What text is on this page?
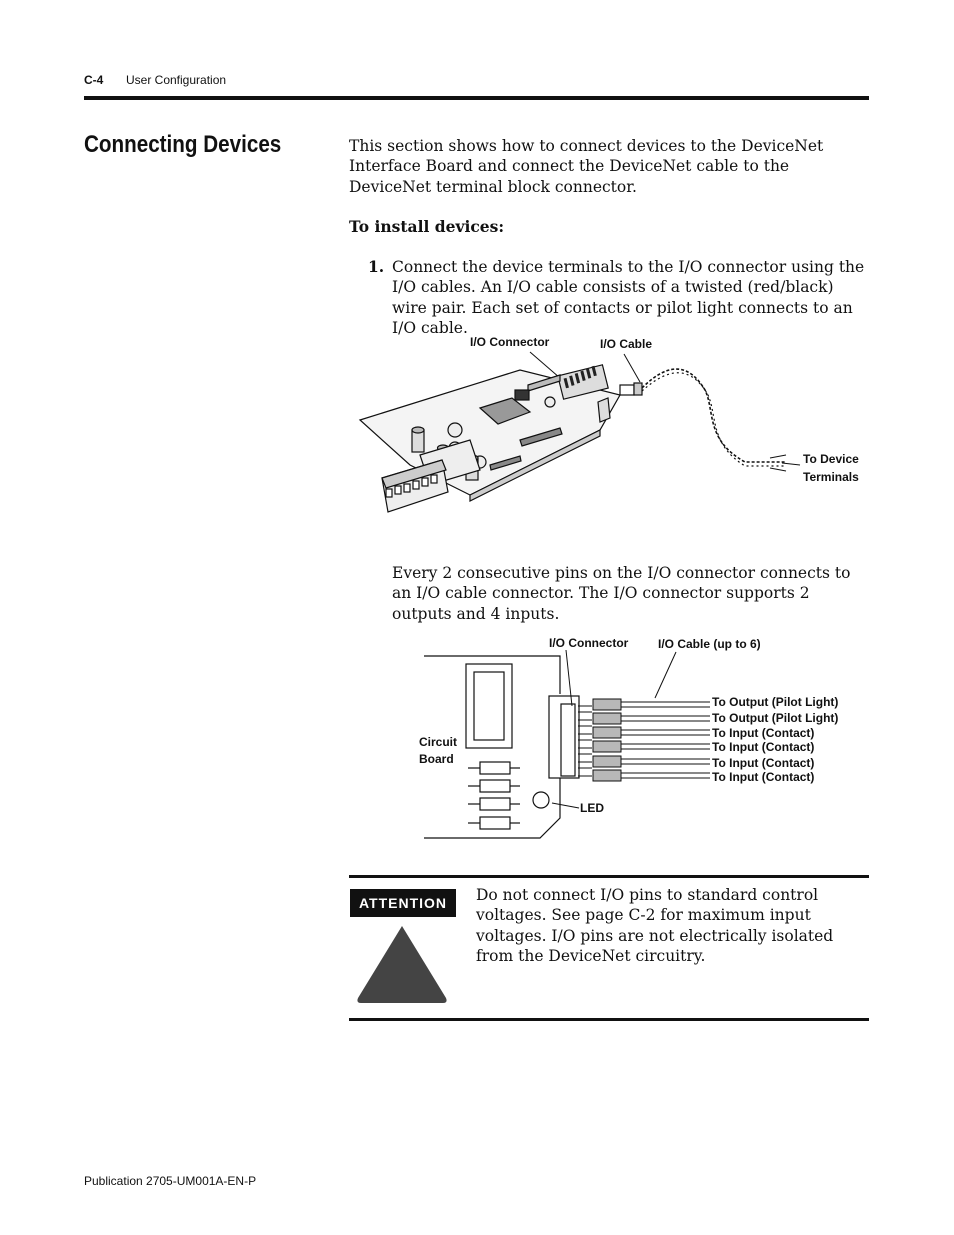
C-4 User Configuration
Connecting Devices	This section shows how to connect devices to the DeviceNet Interface Board and connect the DeviceNet cable to the DeviceNet terminal block connector.

To install devices:
1. Connect the device terminals to the I/O connector using the I/O cables. An I/O cable consists of a twisted (red/black) wire pair. Each set of contacts or pilot light connects to an I/O cable.

I/O Connector	I/O Cable
To Device
Terminals

Every 2 consecutive pins on the I/O connector connects to an I/O cable connector. The I/O connector supports 2 outputs and 4 inputs.

LED
Circuit
Board
I/O Connector I/O Cable (up to 6)
To Output (Pilot Light)
To Output (Pilot Light)
To Input (Contact)
To Input (Contact)
To Input (Contact)
To Input (Contact)
ATTENTION	Do not connect I/O pins to standard control voltages. See page C-2 for maximum input voltages. I/O pins are not electrically isolated from the DeviceNet circuitry.

Publication 2705-UM001A-EN-P
